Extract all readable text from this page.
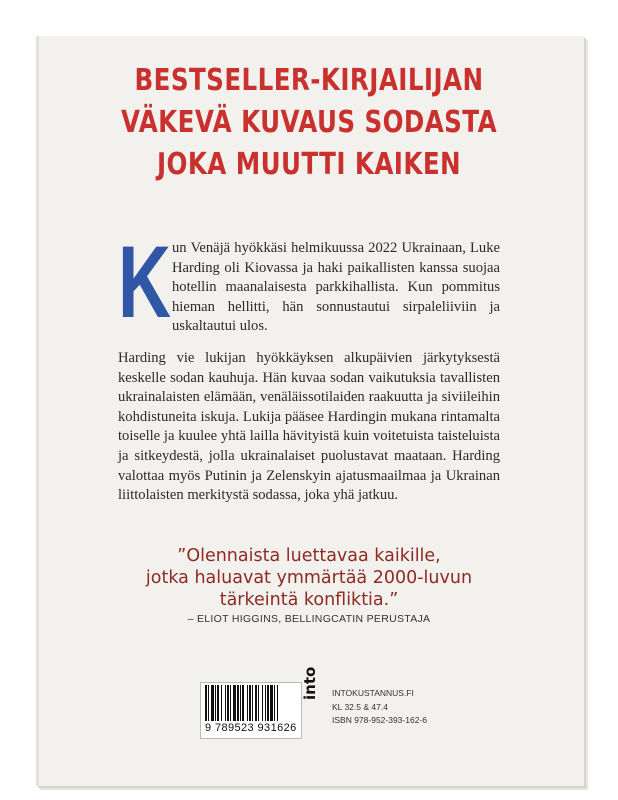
BESTSELLER-KIRJAILIJAN
VÄKEVÄ KUVAUS SODASTA
JOKA MUUTTI KAIKEN
K un Venäjä hyökkäsi helmikuussa 2022 Ukrainaan, Luke Harding oli Kiovassa ja haki paikallisten kanssa suojaa hotellin maanalaisesta parkkihallista. Kun pommitus hieman hellitti, hän sonnustautui sirpaleliiviin ja uskaltautui ulos.
Harding vie lukijan hyökkäyksen alkupäivien järkytyksestä keskelle sodan kauhuja. Hän kuvaa sodan vaikutuksia tavallisten ukrainalaisten elämään, venäläissotilaiden raakuutta ja siviileihin kohdistuneita iskuja. Lukija pääsee Hardingin mukana rintamalta toiselle ja kuulee yhtä lailla hävityistä kuin voitetuista taisteluista ja sitkeydestä, jolla ukrainalaiset puolustavat maataan. Harding valottaa myös Putinin ja Zelenskyin ajatusmaailmaa ja Ukrainan liittolaisten merkitystä sodassa, joka yhä jatkuu.
”Olennaista luettavaa kaikille,
jotka haluavat ymmärtää 2000-luvun
tärkeintä konfliktia.”
– ELIOT HIGGINS, BELLINGCATIN PERUSTAJA
9 789523 931626
into INTOKUSTANNUS.FI
KL 32.5 & 47.4
ISBN 978-952-393-162-6
